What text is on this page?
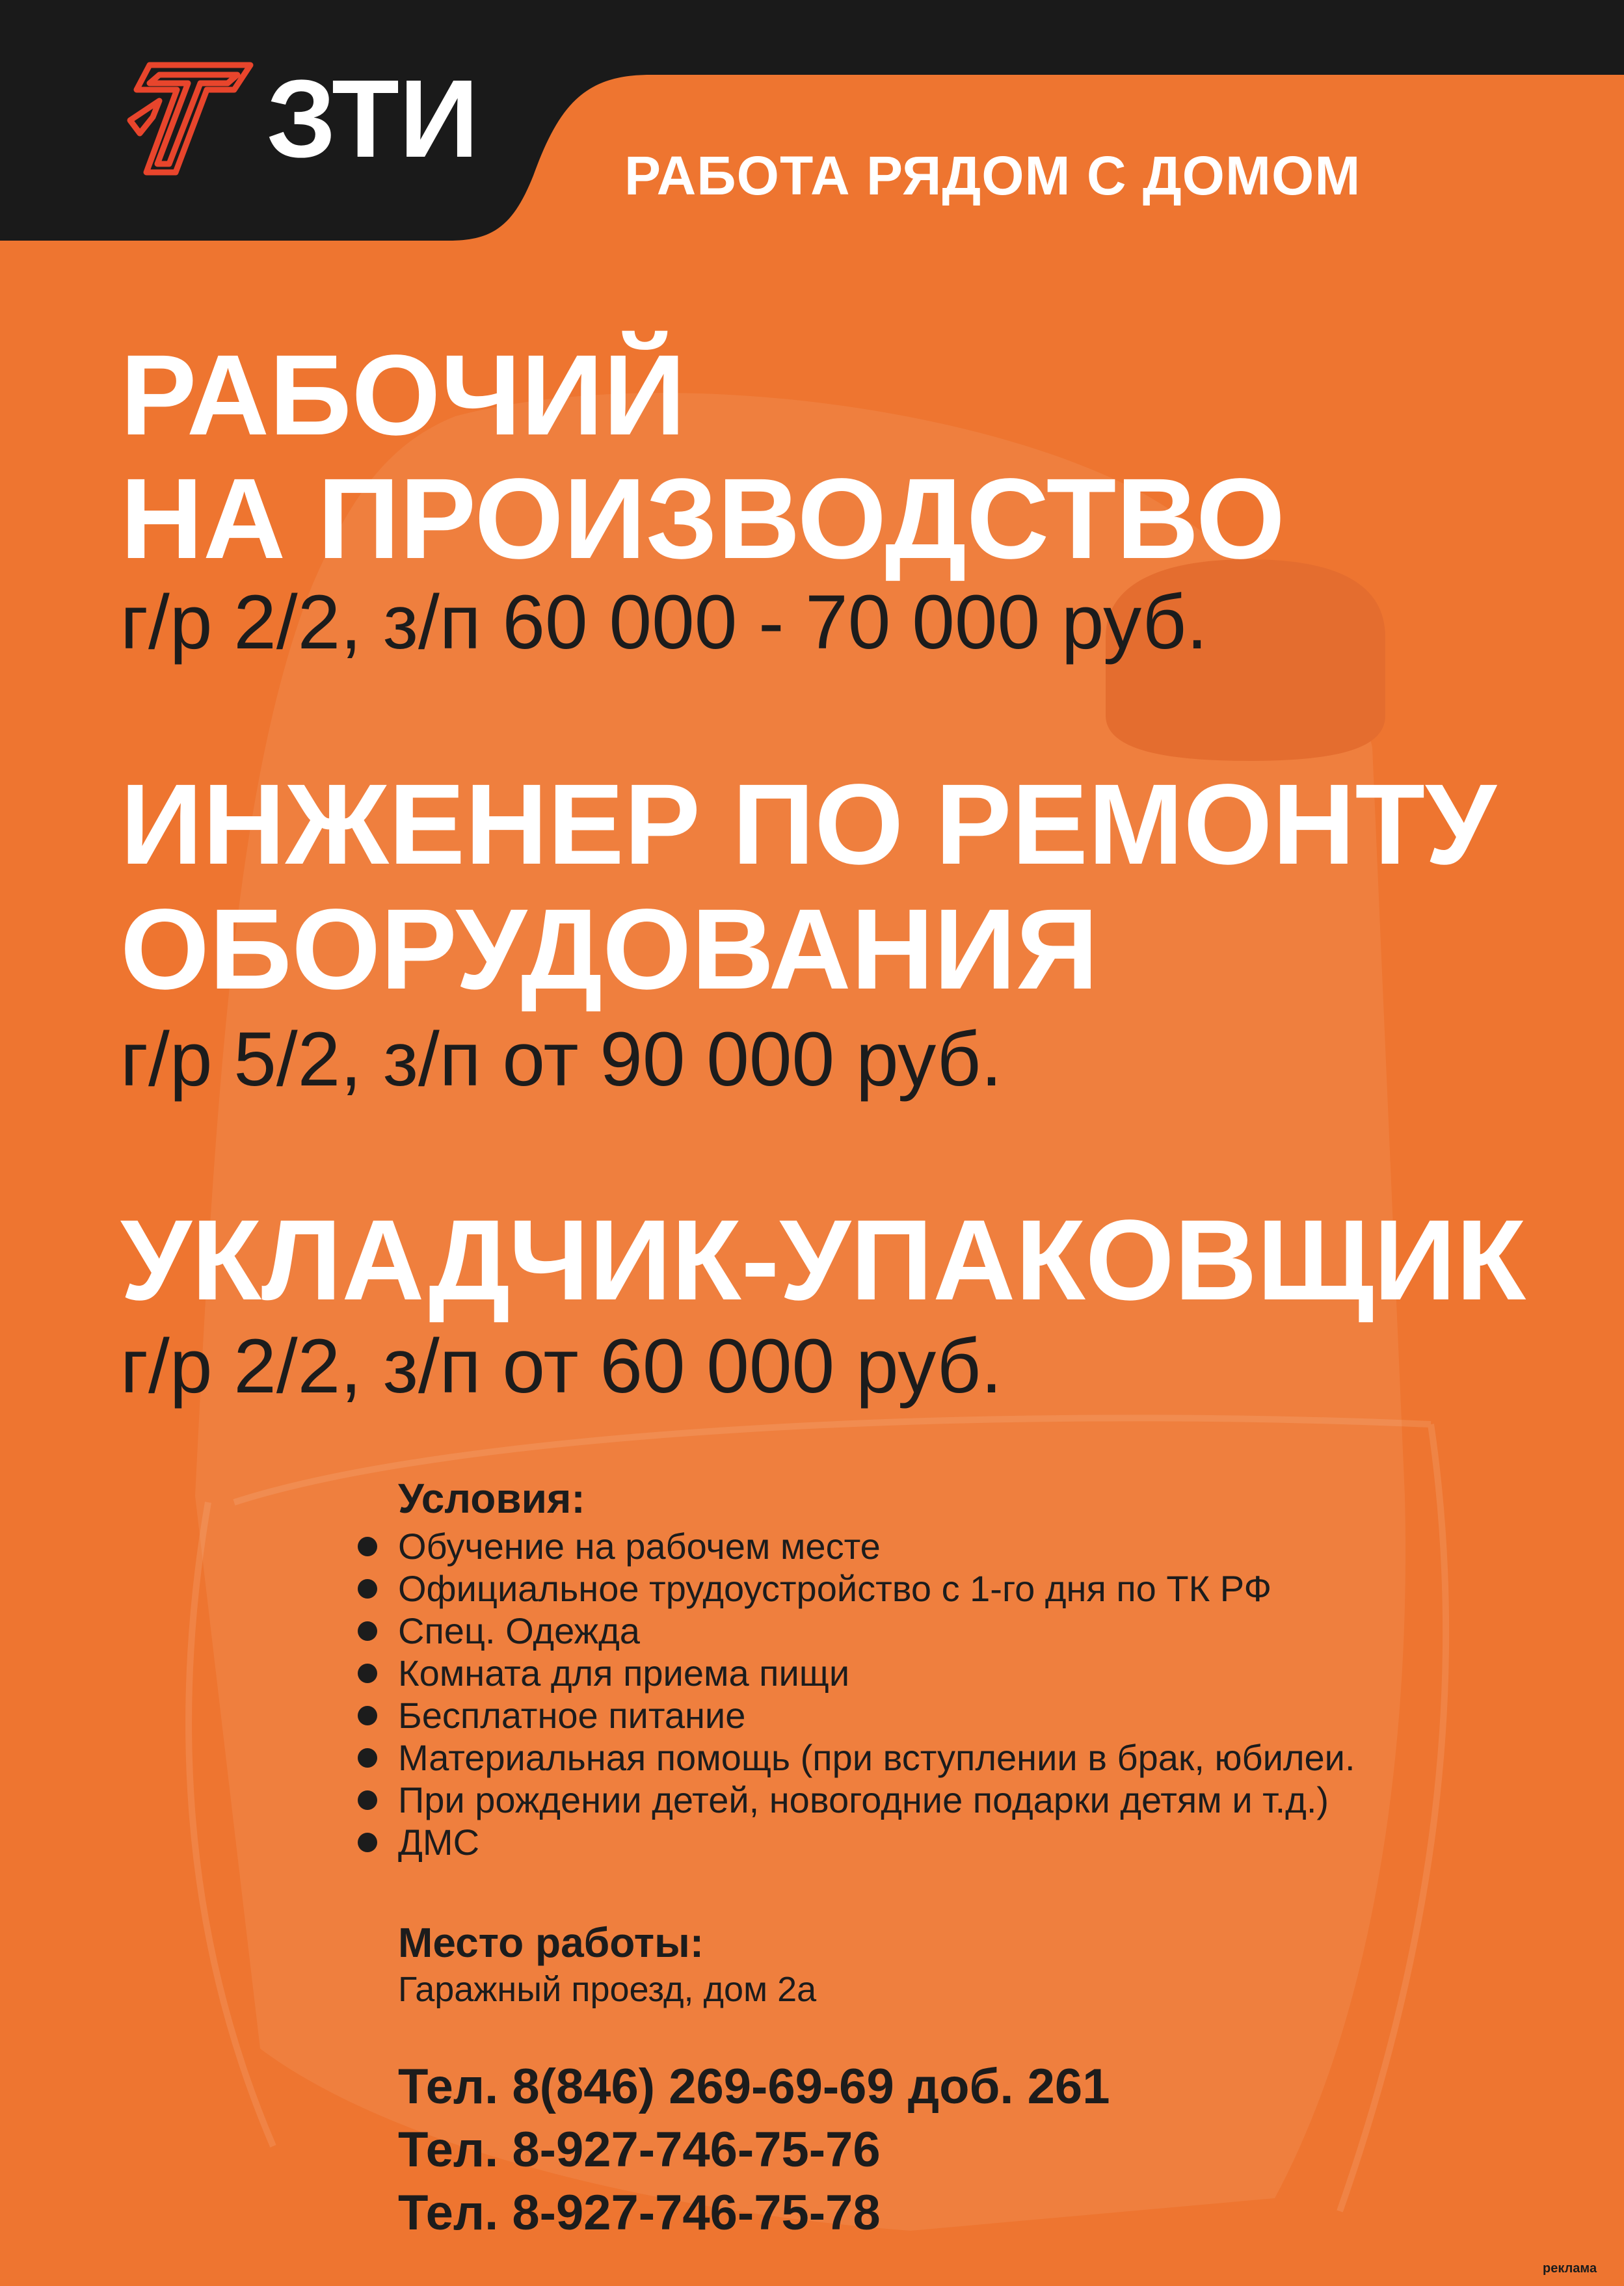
ЗТИ	РАБОТА РЯДОМ С ДОМОМ
РАБОЧИЙ
НА ПРОИЗВОДСТВО
г/р 2/2, з/п 60 000 - 70 000 руб.
ИНЖЕНЕР ПО РЕМОНТУ
ОБОРУДОВАНИЯ
г/р 5/2, з/п от 90 000 руб.
УКЛАДЧИК-УПАКОВЩИК
г/р 2/2, з/п от 60 000 руб.
Условия:
Обучение на рабочем месте
Официальное трудоустройство с 1-го дня по ТК РФ
Спец. Одежда
Комната для приема пищи
Бесплатное питание
Материальная помощь (при вступлении в брак, юбилеи.
При рождении детей, новогодние подарки детям и т.д.)
ДМС
Место работы:
Гаражный проезд, дом 2а
Тел. 8(846) 269-69-69 доб. 261
Тел. 8-927-746-75-76
Тел. 8-927-746-75-78
реклама
